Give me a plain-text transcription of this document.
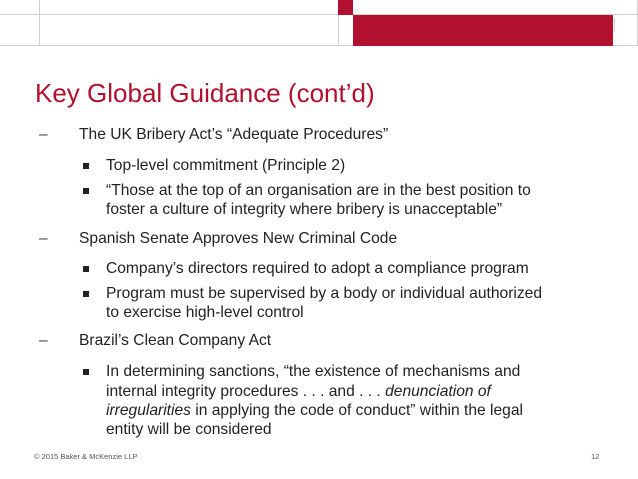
Key Global Guidance (cont’d)
– The UK Bribery Act’s “Adequate Procedures”
Top-level commitment (Principle 2)
“Those at the top of an organisation are in the best position to
foster a culture of integrity where bribery is unacceptable”
– Spanish Senate Approves New Criminal Code
Company’s directors required to adopt a compliance program
Program must be supervised by a body or individual authorized
to exercise high-level control
– Brazil’s Clean Company Act
In determining sanctions, “the existence of mechanisms and
internal integrity procedures . . . and . . . denunciation of
irregularities in applying the code of conduct” within the legal
entity will be considered
© 2015 Baker & McKenzie LLP	12
